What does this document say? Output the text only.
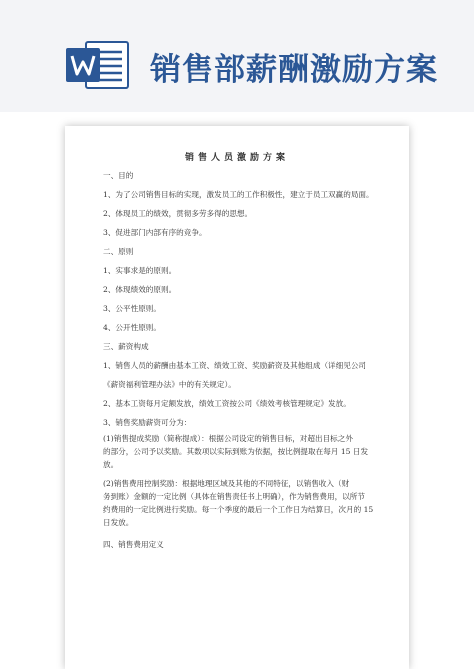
销售部薪酬激励方案
销售人员激励方案

一、目的

1、为了公司销售目标的实现，激发员工的工作积极性，建立于员工双赢的局面。

2、体现员工的绩效，贯彻多劳多得的思想。

3、促进部门内部有序的竞争。

二、原则

1、实事求是的原则。

2、体现绩效的原则。

3、公平性原则。

4、公开性原则。

三、薪资构成

1、销售人员的薪酬由基本工资、绩效工资、奖励薪资及其他组成（详细见公司

《薪资福利管理办法》中的有关规定）。

2、基本工资每月定额发放，绩效工资按公司《绩效考核管理规定》发放。

3、销售奖励薪资可分为：

(1)销售提成奖励（简称提成）：根据公司设定的销售目标，对超出目标之外
的部分，公司予以奖励。其数项以实际到账为依据，按比例提取在每月 15 日发
放。

(2)销售费用控制奖励：根据地理区域及其他的不同特征，以销售收入（财
务到账）金额的一定比例（具体在销售责任书上明确），作为销售费用，以所节
约费用的一定比例进行奖励。每一个季度的最后一个工作日为结算日，次月的 15
日发放。

四、销售费用定义
